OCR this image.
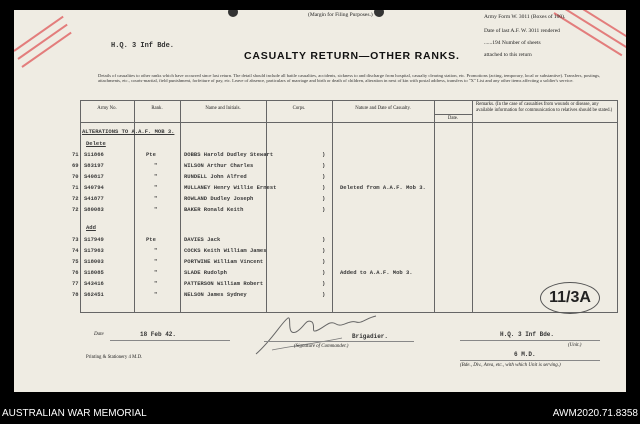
(Margin for Filing Purposes.)	Army Form W. 3011 (Boxes of 100).
Date of last A.F. W. 3011 rendered
......194 Number of sheets
attached to this return
H.Q. 3 Inf Bde.
CASUALTY RETURN—OTHER RANKS.
Details of casualties to other ranks which have occurred since last return. The detail should include all battle casualties, accidents, sickness to and discharge from hospital, casualty clearing station, etc. Promotions (acting, temporary, local or substantive). Transfers, postings, attachments, etc., courts-martial, field punishment, forfeiture of pay, etc. Leave of absence, particulars of marriage and birth or death of children, alteration in next of kin with postal address, transfers to "X" List and any other items affecting a soldier's service.
Army No.	Rank.	Name and Initials.	Corps.	Nature and Date of Casualty.
Date.
Remarks. (In the case of casualties from wounds or disease, any available information for communication to relatives should be stated.)
ALTERATIONS TO A.A.F. MOB 3.
Delete
Add
71 S11866	Pte	DOBBS Harold Dudley Stewart	)
69 S83197	"	WILSON Arthur Charles	)
70 S40817	"	RUNDELL John Alfred	)
71 S40794	"	MULLANEY Henry Willie Ernest	)	Deleted from A.A.F. Mob 3.
72 S41877	"	ROWLAND Dudley Joseph	)
72 S80083	"	BAKER Ronald Keith	)
73 S17949	Pte	DAVIES Jack	)
74 S17963	"	COCKS Keith William James	)
75 S18003	"	PORTWINE William Vincent	)
76 S18085	"	SLADE Rudolph	)	Added to A.A.F. Mob 3.
77 S43416	"	PATTERSON William Robert	)
78 S62451	"	NELSON James Sydney	)	11/3A
Date	18 Feb 42.	Brigadier.
(Signature of Commander.)
H.Q. 3 Inf Bde.
(Unit.)
6 M.D.
(Bde., Div., Area, etc., with which Unit is serving.)
Printing & Stationery 4 M.D.
AUSTRALIAN WAR MEMORIAL	AWM2020.71.8358
